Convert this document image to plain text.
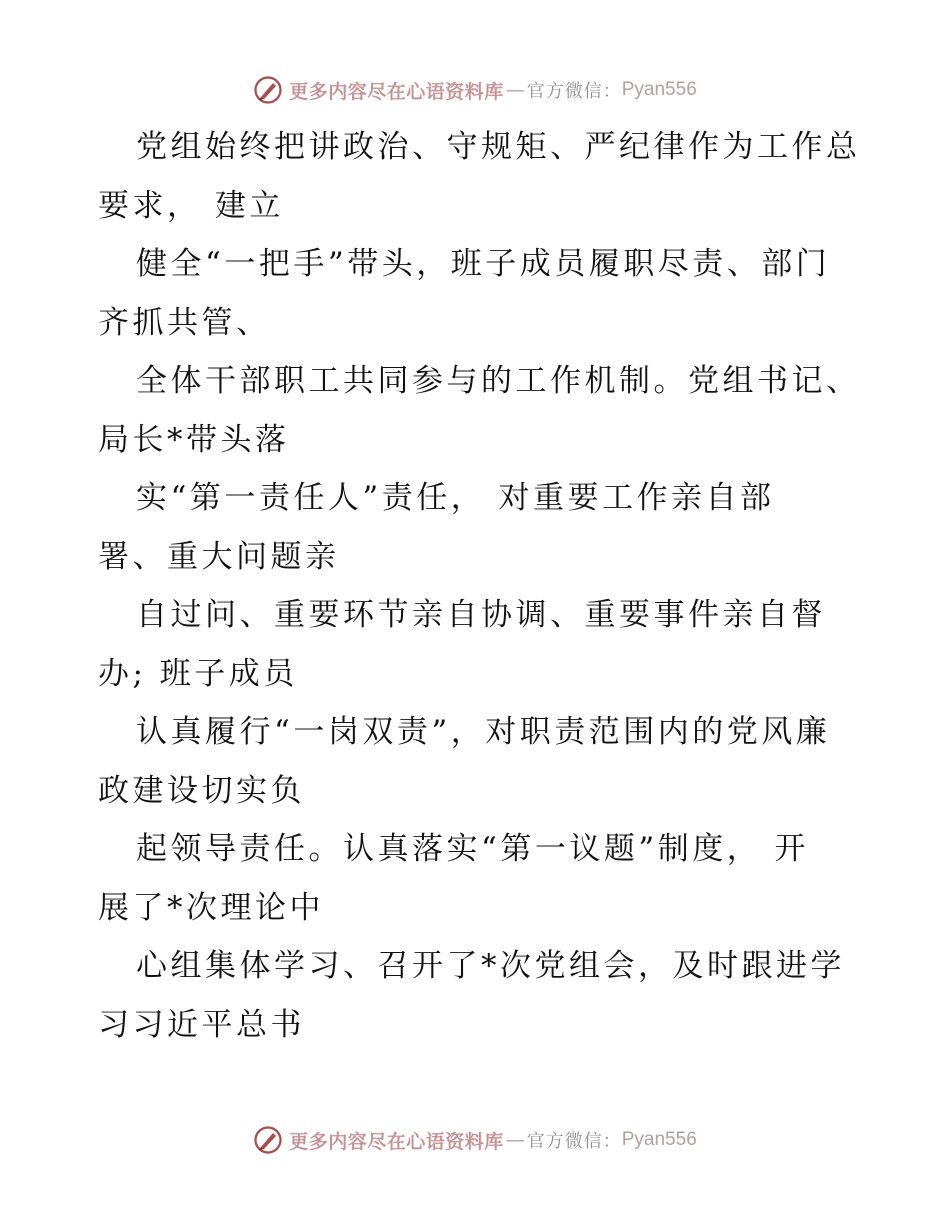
更多内容尽在心语资料库 — 官方微信： Pyan556
党组始终把讲政治、守规矩、严纪律作为工作总
要求， 建立
健全“一把手”带头，班子成员履职尽责、部门
齐抓共管、
全体干部职工共同参与的工作机制。党组书记、
局长*带头落
实“第一责任人”责任， 对重要工作亲自部
署、重大问题亲
自过问、重要环节亲自协调、重要事件亲自督
办; 班子成员
认真履行“一岗双责”，对职责范围内的党风廉
政建设切实负
起领导责任。认真落实“第一议题”制度， 开
展了*次理论中
心组集体学习、召开了*次党组会，及时跟进学
习习近平总书
更多内容尽在心语资料库 — 官方微信： Pyan556
